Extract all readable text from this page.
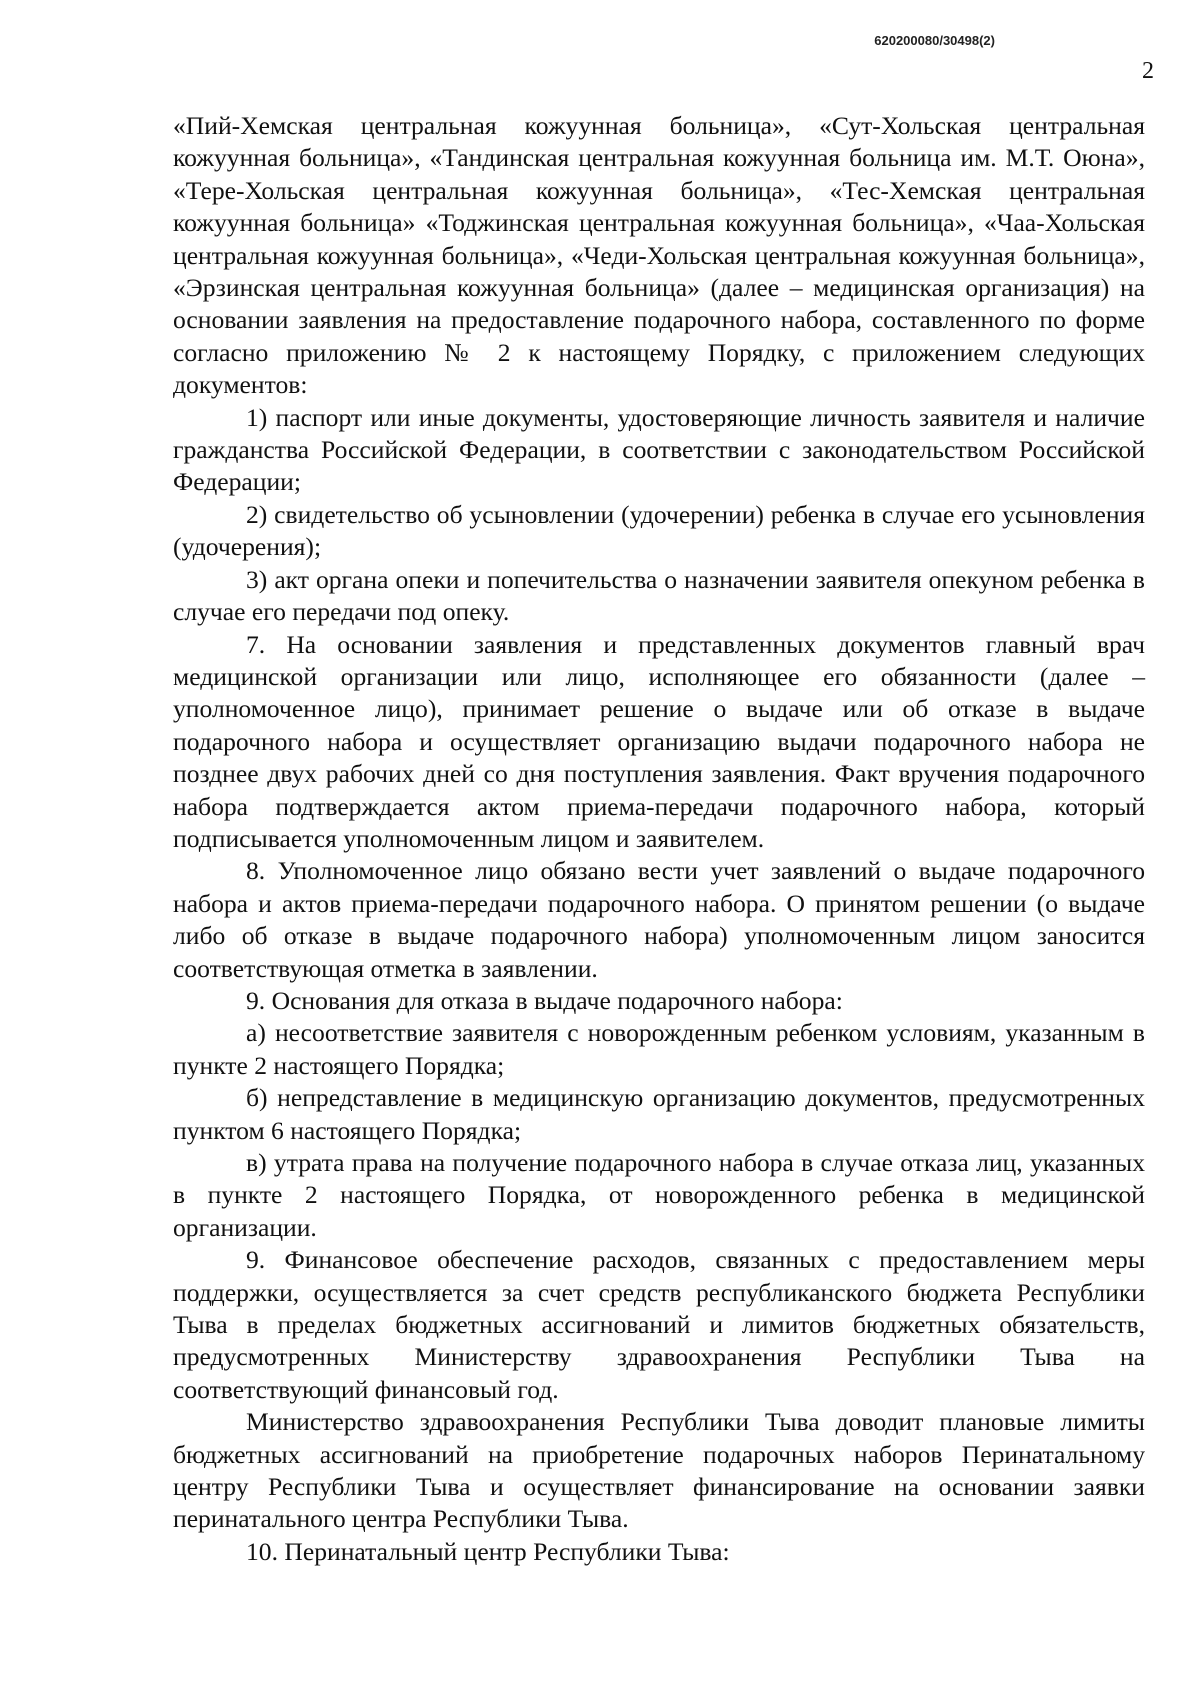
620200080/30498(2)
2

«Пий-Хемская центральная кожуунная больница», «Сут-Хольская центральная кожуунная больница», «Тандинская центральная кожуунная больница им. М.Т. Оюна», «Тере-Хольская центральная кожуунная больница», «Тес-Хемская центральная кожуунная больница» «Тоджинская центральная кожуунная больница», «Чаа-Хольская центральная кожуунная больница», «Чеди-Хольская центральная кожуунная больница», «Эрзинская центральная кожуунная больница» (далее – медицинская организация) на основании заявления на предоставление подарочного набора, составленного по форме согласно приложению № 2 к настоящему Порядку, с приложением следующих документов:

1) паспорт или иные документы, удостоверяющие личность заявителя и наличие гражданства Российской Федерации, в соответствии с законодательством Российской Федерации;

2) свидетельство об усыновлении (удочерении) ребенка в случае его усыновления (удочерения);

3) акт органа опеки и попечительства о назначении заявителя опекуном ребенка в случае его передачи под опеку.

7. На основании заявления и представленных документов главный врач медицинской организации или лицо, исполняющее его обязанности (далее – уполномоченное лицо), принимает решение о выдаче или об отказе в выдаче подарочного набора и осуществляет организацию выдачи подарочного набора не позднее двух рабочих дней со дня поступления заявления. Факт вручения подарочного набора подтверждается актом приема-передачи подарочного набора, который подписывается уполномоченным лицом и заявителем.

8. Уполномоченное лицо обязано вести учет заявлений о выдаче подарочного набора и актов приема-передачи подарочного набора. О принятом решении (о выдаче либо об отказе в выдаче подарочного набора) уполномоченным лицом заносится соответствующая отметка в заявлении.

9. Основания для отказа в выдаче подарочного набора:

а) несоответствие заявителя с новорожденным ребенком условиям, указанным в пункте 2 настоящего Порядка;

б) непредставление в медицинскую организацию документов, предусмотренных пунктом 6 настоящего Порядка;

в) утрата права на получение подарочного набора в случае отказа лиц, указанных в пункте 2 настоящего Порядка, от новорожденного ребенка в медицинской организации.

9. Финансовое обеспечение расходов, связанных с предоставлением меры поддержки, осуществляется за счет средств республиканского бюджета Республики Тыва в пределах бюджетных ассигнований и лимитов бюджетных обязательств, предусмотренных Министерству здравоохранения Республики Тыва на соответствующий финансовый год.

Министерство здравоохранения Республики Тыва доводит плановые лимиты бюджетных ассигнований на приобретение подарочных наборов Перинатальному центру Республики Тыва и осуществляет финансирование на основании заявки перинатального центра Республики Тыва.

10. Перинатальный центр Республики Тыва:
